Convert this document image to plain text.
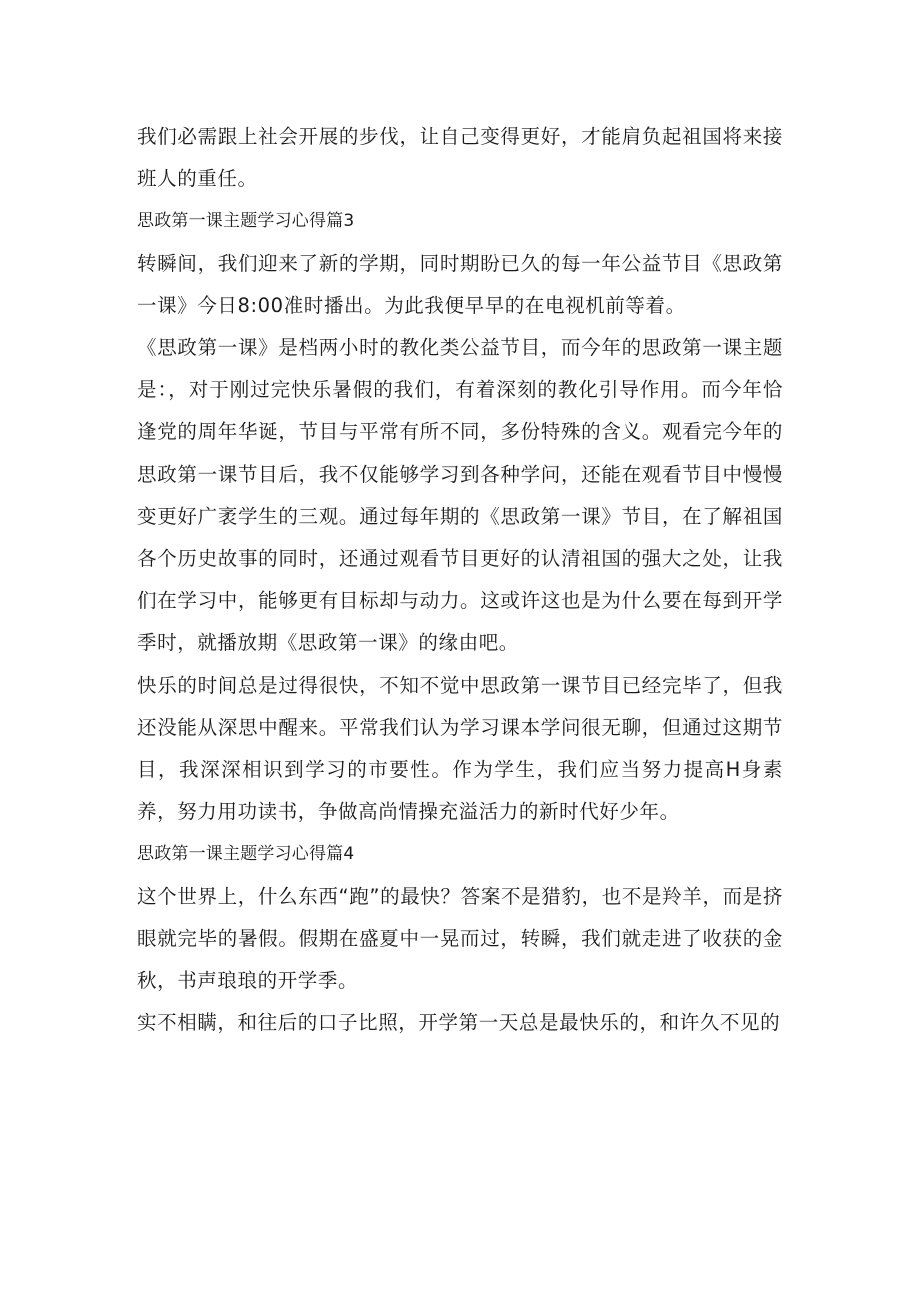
我们必需跟上社会开展的步伐，让自己变得更好，才能肩负起祖国将来接班人的重任。

思政第一课主题学习心得篇3

转瞬间，我们迎来了新的学期，同时期盼已久的每一年公益节目《思政第一课》今日8:00准时播出。为此我便早早的在电视机前等着。

《思政第一课》是档两小时的教化类公益节目，而今年的思政第一课主题是：，对于刚过完快乐暑假的我们，有着深刻的教化引导作用。而今年恰逢党的周年华诞，节目与平常有所不同，多份特殊的含义。观看完今年的思政第一课节目后，我不仅能够学习到各种学问，还能在观看节目中慢慢变更好广袤学生的三观。通过每年期的《思政第一课》节目，在了解祖国各个历史故事的同时，还通过观看节目更好的认清祖国的强大之处，让我们在学习中，能够更有目标却与动力。这或许这也是为什么要在每到开学季时，就播放期《思政第一课》的缘由吧。

快乐的时间总是过得很快，不知不觉中思政第一课节目已经完毕了，但我还没能从深思中醒来。平常我们认为学习课本学问很无聊，但通过这期节目，我深深相识到学习的市要性。作为学生，我们应当努力提高H身素养，努力用功读书，争做高尚情操充溢活力的新时代好少年。

思政第一课主题学习心得篇4

这个世界上，什么东西“跑”的最快？答案不是猎豹，也不是羚羊，而是挤眼就完毕的暑假。假期在盛夏中一晃而过，转瞬，我们就走进了收获的金秋，书声琅琅的开学季。

实不相瞒，和往后的口子比照，开学第一天总是最快乐的，和许久不见的
